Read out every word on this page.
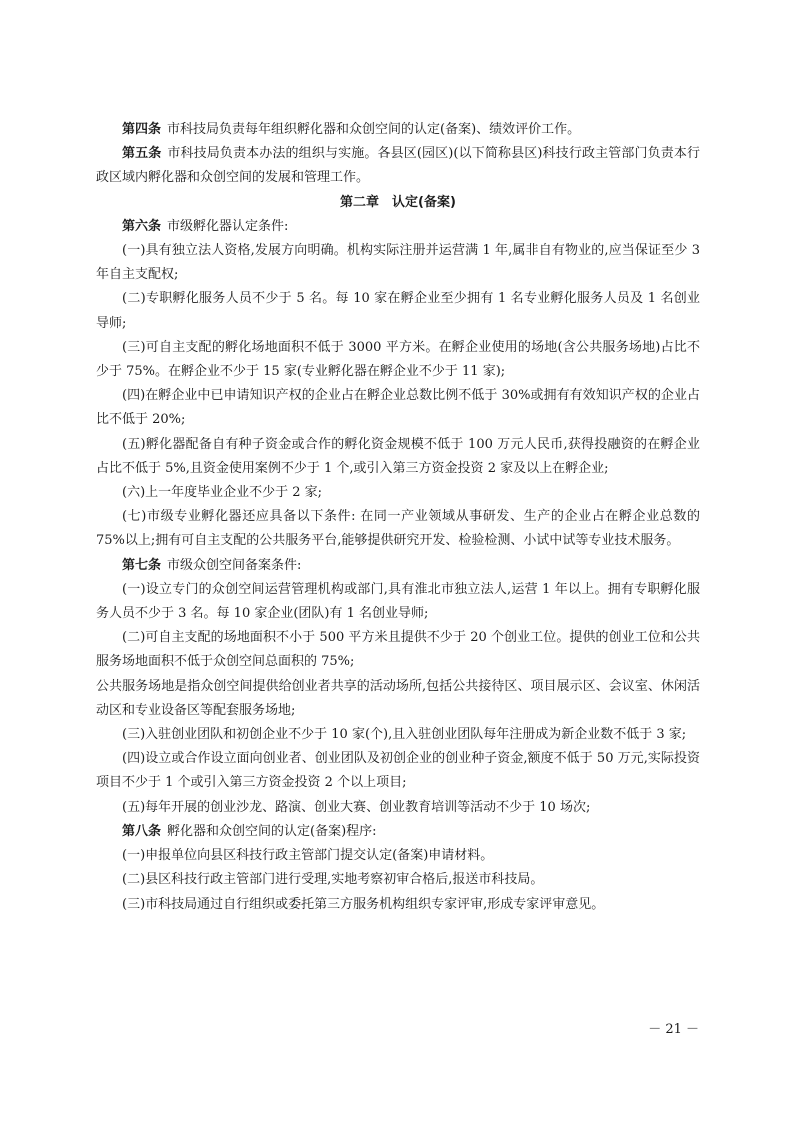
第四条 市科技局负责每年组织孵化器和众创空间的认定(备案)、绩效评价工作。

第五条 市科技局负责本办法的组织与实施。各县区(园区)(以下简称县区)科技行政主管部门负责本行政区域内孵化器和众创空间的发展和管理工作。

第二章　认定(备案)

第六条 市级孵化器认定条件:

(一)具有独立法人资格,发展方向明确。机构实际注册并运营满 1 年,属非自有物业的,应当保证至少 3 年自主支配权;

(二)专职孵化服务人员不少于 5 名。每 10 家在孵企业至少拥有 1 名专业孵化服务人员及 1 名创业导师;

(三)可自主支配的孵化场地面积不低于 3000 平方米。在孵企业使用的场地(含公共服务场地)占比不少于 75%。在孵企业不少于 15 家(专业孵化器在孵企业不少于 11 家);

(四)在孵企业中已申请知识产权的企业占在孵企业总数比例不低于 30%或拥有有效知识产权的企业占比不低于 20%;

(五)孵化器配备自有种子资金或合作的孵化资金规模不低于 100 万元人民币,获得投融资的在孵企业占比不低于 5%,且资金使用案例不少于 1 个,或引入第三方资金投资 2 家及以上在孵企业;

(六)上一年度毕业企业不少于 2 家;

(七)市级专业孵化器还应具备以下条件: 在同一产业领域从事研发、生产的企业占在孵企业总数的 75%以上;拥有可自主支配的公共服务平台,能够提供研究开发、检验检测、小试中试等专业技术服务。

第七条 市级众创空间备案条件:

(一)设立专门的众创空间运营管理机构或部门,具有淮北市独立法人,运营 1 年以上。拥有专职孵化服务人员不少于 3 名。每 10 家企业(团队)有 1 名创业导师;

(二)可自主支配的场地面积不小于 500 平方米且提供不少于 20 个创业工位。提供的创业工位和公共服务场地面积不低于众创空间总面积的 75%;

公共服务场地是指众创空间提供给创业者共享的活动场所,包括公共接待区、项目展示区、会议室、休闲活动区和专业设备区等配套服务场地;

(三)入驻创业团队和初创企业不少于 10 家(个),且入驻创业团队每年注册成为新企业数不低于 3 家;

(四)设立或合作设立面向创业者、创业团队及初创企业的创业种子资金,额度不低于 50 万元,实际投资项目不少于 1 个或引入第三方资金投资 2 个以上项目;

(五)每年开展的创业沙龙、路演、创业大赛、创业教育培训等活动不少于 10 场次;

第八条 孵化器和众创空间的认定(备案)程序:

(一)申报单位向县区科技行政主管部门提交认定(备案)申请材料。

(二)县区科技行政主管部门进行受理,实地考察初审合格后,报送市科技局。

(三)市科技局通过自行组织或委托第三方服务机构组织专家评审,形成专家评审意见。

－ 21 －
